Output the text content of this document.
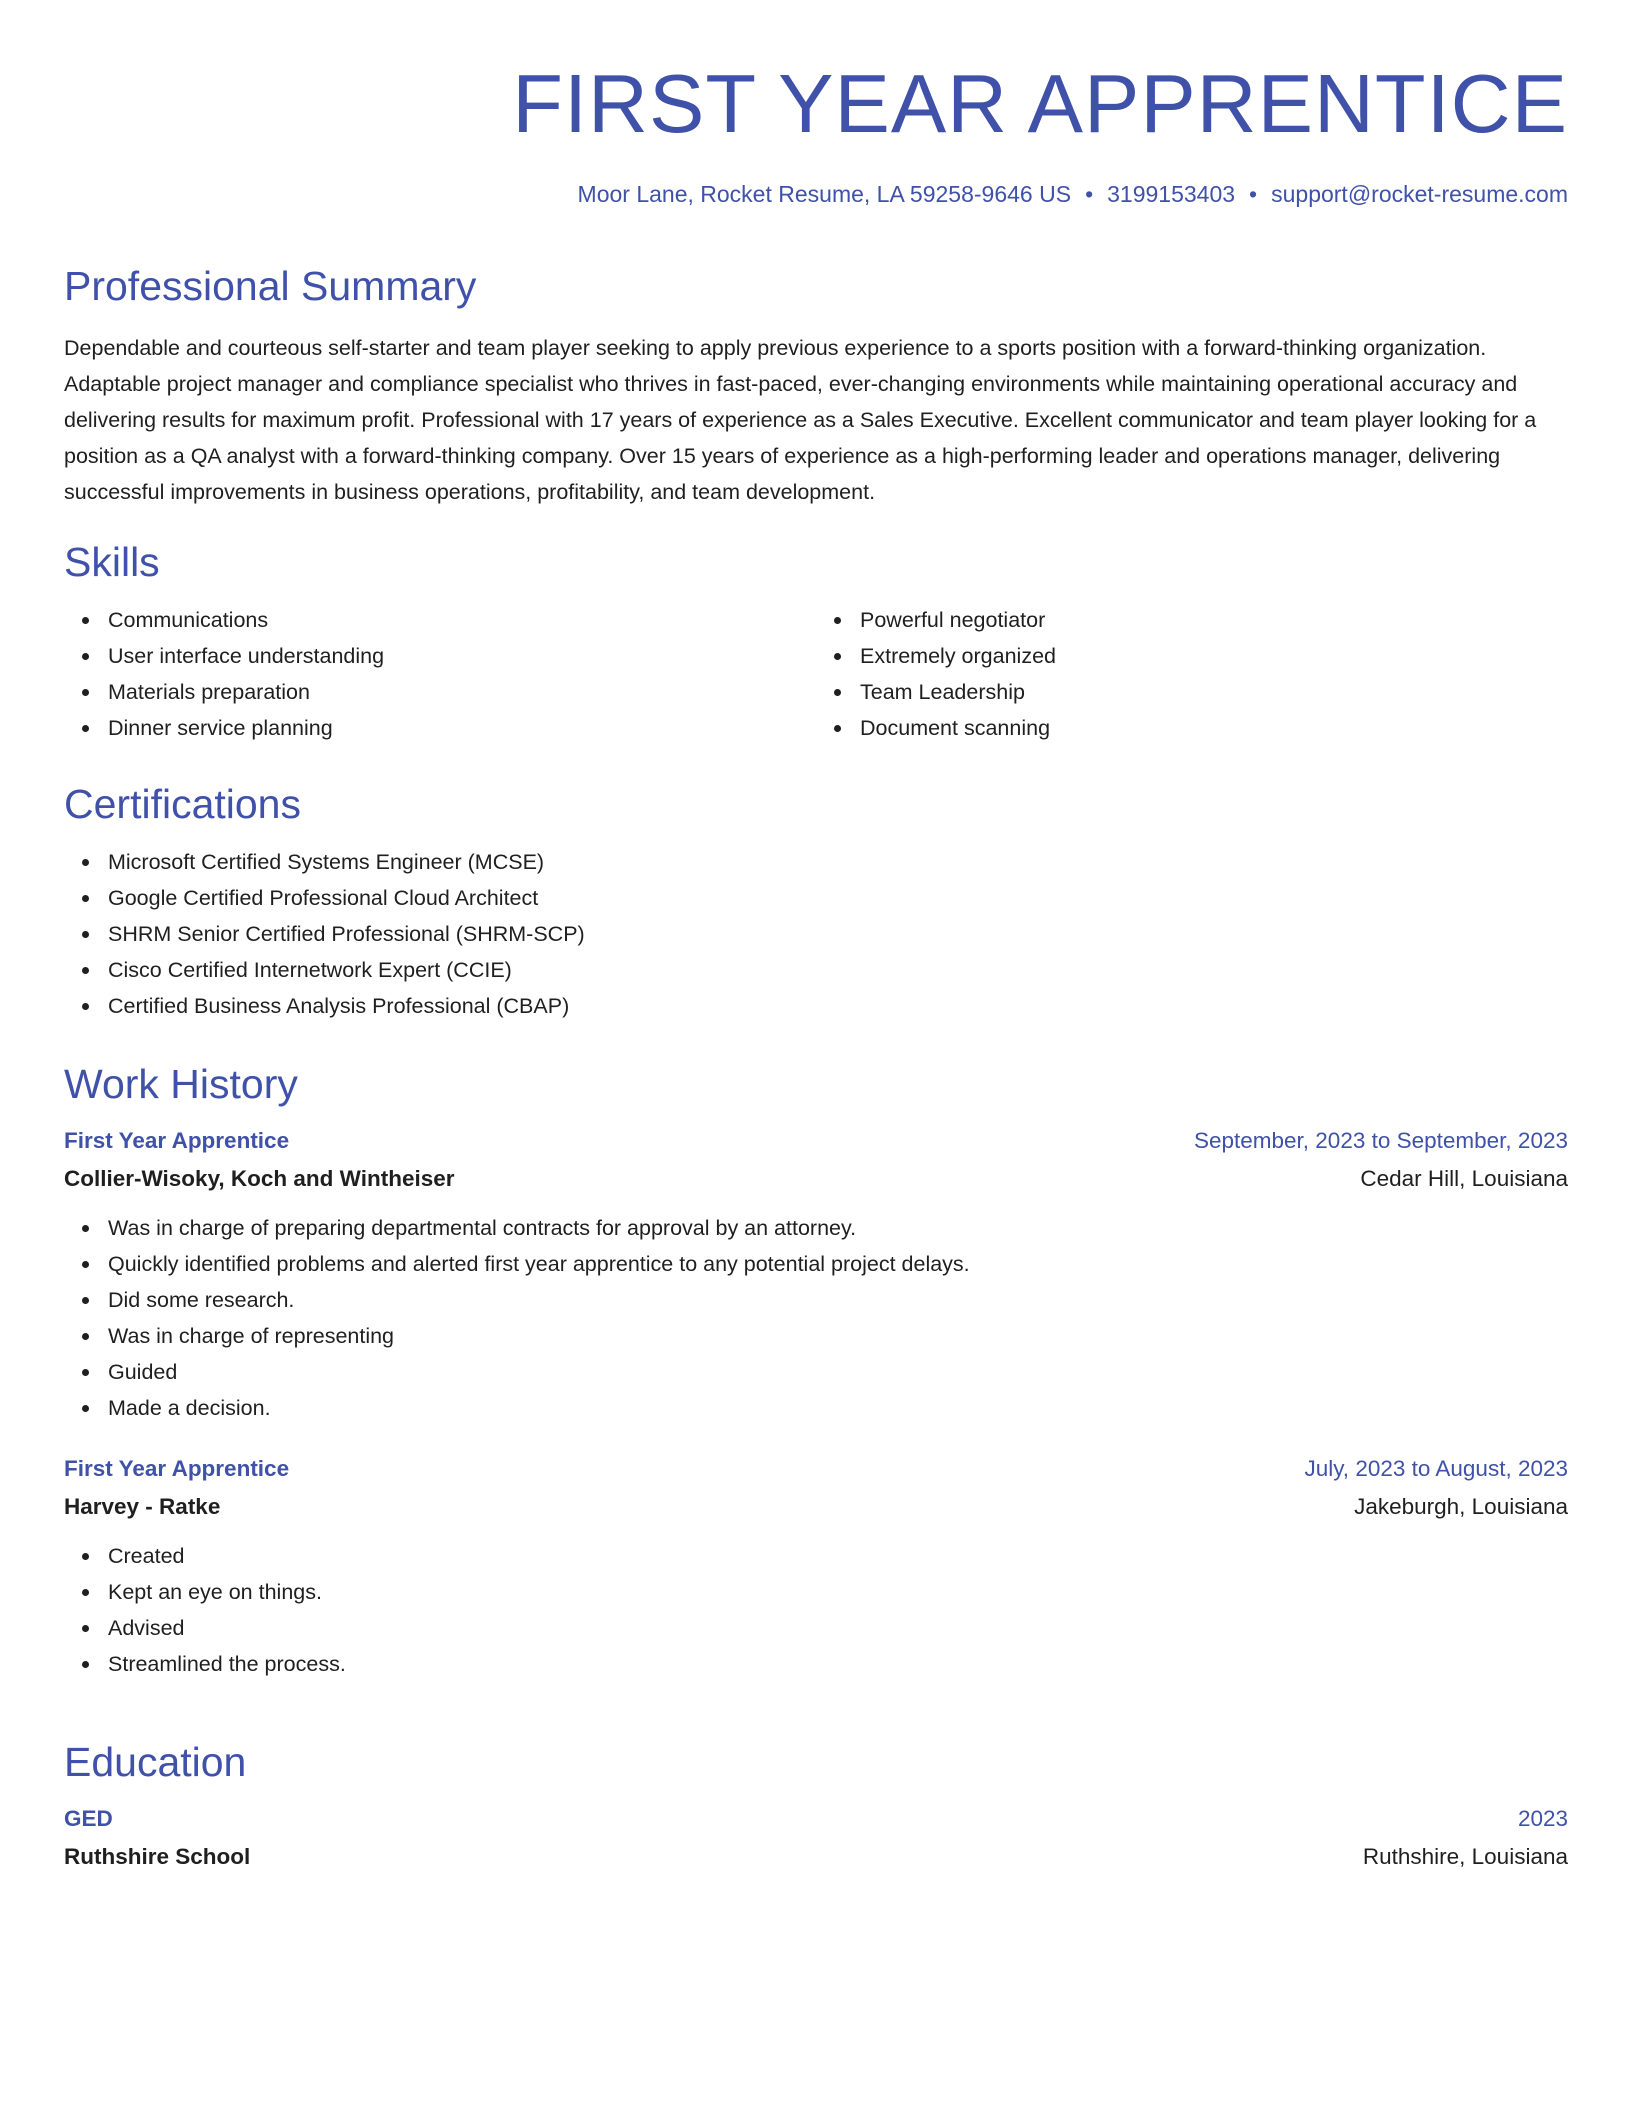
FIRST YEAR APPRENTICE
Moor Lane, Rocket Resume, LA 59258-9646 US • 3199153403 • support@rocket-resume.com
Professional Summary

Dependable and courteous self-starter and team player seeking to apply previous experience to a sports position with a forward-thinking organization. Adaptable project manager and compliance specialist who thrives in fast-paced, ever-changing environments while maintaining operational accuracy and delivering results for maximum profit. Professional with 17 years of experience as a Sales Executive. Excellent communicator and team player looking for a position as a QA analyst with a forward-thinking company. Over 15 years of experience as a high-performing leader and operations manager, delivering successful improvements in business operations, profitability, and team development.

Skills
Communications
User interface understanding
Materials preparation
Dinner service planning
Powerful negotiator
Extremely organized
Team Leadership
Document scanning
Certifications
Microsoft Certified Systems Engineer (MCSE)
Google Certified Professional Cloud Architect
SHRM Senior Certified Professional (SHRM-SCP)
Cisco Certified Internetwork Expert (CCIE)
Certified Business Analysis Professional (CBAP)
Work History
First Year Apprentice	September, 2023 to September, 2023
Collier-Wisoky, Koch and Wintheiser	Cedar Hill, Louisiana
Was in charge of preparing departmental contracts for approval by an attorney.
Quickly identified problems and alerted first year apprentice to any potential project delays.
Did some research.
Was in charge of representing
Guided
Made a decision.
First Year Apprentice	July, 2023 to August, 2023
Harvey - Ratke	Jakeburgh, Louisiana
Created
Kept an eye on things.
Advised
Streamlined the process.
Education
GED	2023
Ruthshire School	Ruthshire, Louisiana
